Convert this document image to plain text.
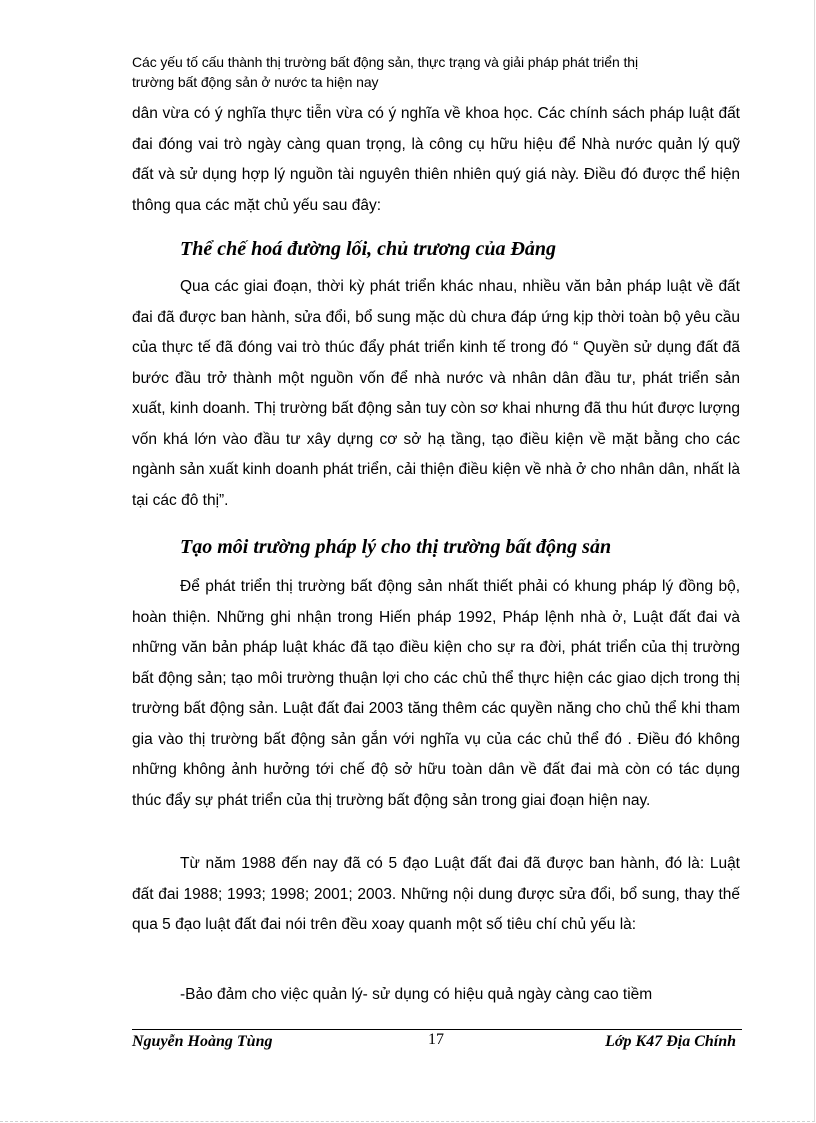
Các yếu tố cấu thành thị trường bất động sản, thực trạng và giải pháp phát triển thị
trường bất động sản ở nước ta hiện nay

dân vừa có ý nghĩa thực tiễn vừa có ý nghĩa về khoa học. Các chính sách pháp luật đất đai đóng vai trò ngày càng quan trọng, là công cụ hữu hiệu để Nhà nước quản lý quỹ đất và sử dụng hợp lý nguồn tài nguyên thiên nhiên quý giá này. Điều đó được thể hiện thông qua các mặt chủ yếu sau đây:

Thể chế hoá đường lối, chủ trương của Đảng

Qua các giai đoạn, thời kỳ phát triển khác nhau, nhiều văn bản pháp luật về đất đai đã được ban hành, sửa đổi, bổ sung mặc dù chưa đáp ứng kịp thời toàn bộ yêu cầu của thực tế đã đóng vai trò thúc đẩy phát triển kinh tế trong đó “ Quyền sử dụng đất đã bước đầu trở thành một nguồn vốn để nhà nước và nhân dân đầu tư, phát triển sản xuất, kinh doanh. Thị trường bất động sản tuy còn sơ khai nhưng đã thu hút được lượng vốn khá lớn vào đầu tư xây dựng cơ sở hạ tầng, tạo điều kiện về mặt bằng cho các ngành sản xuất kinh doanh phát triển, cải thiện điều kiện về nhà ở cho nhân dân, nhất là tại các đô thị”.

Tạo môi trường pháp lý cho thị trường bất động sản

Để phát triển thị trường bất động sản nhất thiết phải có khung pháp lý đồng bộ, hoàn thiện. Những ghi nhận trong Hiến pháp 1992, Pháp lệnh nhà ở, Luật đất đai và những văn bản pháp luật khác đã tạo điều kiện cho sự ra đời, phát triển của thị trường bất động sản; tạo môi trường thuận lợi cho các chủ thể thực hiện các giao dịch trong thị trường bất động sản. Luật đất đai 2003 tăng thêm các quyền năng cho chủ thể khi tham gia vào thị trường bất động sản gắn với nghĩa vụ của các chủ thể đó . Điều đó không những không ảnh hưởng tới chế độ sở hữu toàn dân về đất đai mà còn có tác dụng thúc đẩy sự phát triển của thị trường bất động sản trong giai đoạn hiện nay.

Từ năm 1988 đến nay đã có 5 đạo Luật đất đai đã được ban hành, đó là: Luật đất đai 1988; 1993; 1998; 2001; 2003. Những nội dung được sửa đổi, bổ sung, thay thế qua 5 đạo luật đất đai nói trên đều xoay quanh một số tiêu chí chủ yếu là:

-Bảo đảm cho việc quản lý- sử dụng có hiệu quả ngày càng cao tiềm

Nguyễn Hoàng Tùng	17	Lớp K47 Địa Chính
